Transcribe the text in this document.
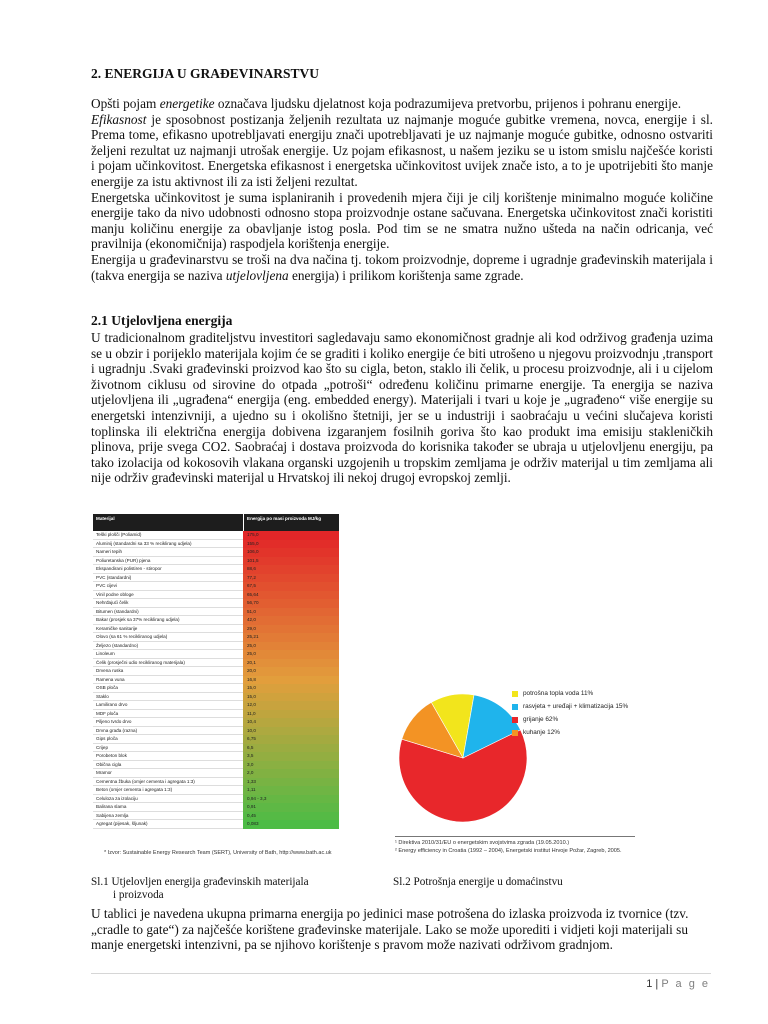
2. ENERGIJA U GRAĐEVINARSTVU

Opšti pojam energetike označava ljudsku djelatnost koja podrazumijeva pretvorbu, prijenos i pohranu energije.
Efikasnost je sposobnost postizanja željenih rezultata uz najmanje moguće gubitke vremena, novca, energije i sl. Prema tome, efikasno upotrebljavati energiju znači upotrebljavati je uz najmanje moguće gubitke, odnosno ostvariti željeni rezultat uz najmanji utrošak energije. Uz pojam efikasnost, u našem jeziku se u istom smislu najčešće koristi i pojam učinkovitost. Energetska efikasnost i energetska učinkovitost uvijek znače isto, a to je upotrijebiti što manje energije za istu aktivnost ili za isti željeni rezultat.
Energetska učinkovitost je suma isplaniranih i provedenih mjera čiji je cilj korištenje minimalno moguće količine energije tako da nivo udobnosti odnosno stopa proizvodnje ostane sačuvana. Energetska učinkovitost znači koristiti manju količinu energije za obavljanje istog posla. Pod tim se ne smatra nužno ušteda na način odricanja, već pravilnija (ekonomičnija) raspodjela korištenja energije.
Energija u građevinarstvu se troši na dva načina tj. tokom proizvodnje, dopreme i ugradnje građevinskih materijala i (takva energija se naziva utjelovljena energija) i prilikom korištenja same zgrade.

2.1 Utjelovljena energija

U tradicionalnom graditeljstvu investitori sagledavaju samo ekonomičnost gradnje ali kod održivog građenja uzima se u obzir i porijeklo materijala kojim će se graditi i koliko energije će biti utrošeno u njegovu proizvodnju ,transport i ugradnju .Svaki građevinski proizvod kao što su cigla, beton, staklo ili čelik, u procesu proizvodnje, ali i u cijelom životnom ciklusu od sirovine do otpada „potroši“ određenu količinu primarne energije. Ta energija se naziva utjelovljena ili „ugrađena“ energija (eng. embedded energy). Materijali i tvari u koje je „ugrađeno“ više energije su energetski intenzivniji, a ujedno su i okolišno štetniji, jer se u industriji i saobraćaju u većini slučajeva koristi toplinska ili električna energija dobivena izgaranjem fosilnih goriva što kao produkt ima emisiju stakleničkih plinova, prije svega CO2. Saobraćaj i dostava proizvoda do korisnika također se ubraja u utjelovljenu energiju, pa tako izolacija od kokosovih vlakana organski uzgojenih u tropskim zemljama je održiv materijal u tim zemljama ali nije održiv građevinski materijal u Hrvatskoj ili nekoj drugoj evropskoj zemlji.

Materijal	Energija po masi proizvoda MJ/kg
Teški plošči (Poliamid)	175,0
Aluminij (standardni sa 33 % reciklirang udjela)	155,0
Nameri tepih	106,0
Poliuretanska (PUR) pjena	101,5
Ekspandirani polistiren - stiropor	88,6
PVC (standardni)	77,2
PVC cijevi	67,5
Vinil podne obloge	65,64
Nehrđajući čelik	56,70
Bitumen (standardni)	51,0
Bakar (prosjek sa 37% reciklirang udjela)	42,0
Keramičke sanitarije	29,0
Olovo (sa 61 % recikliranog udjela)	25,21
Željezo (standardno)	25,0
Linoleum	25,0
Čelik (prosječni udio recikliranog materijala)	20,1
Drvena ruska	20,0
Ramena vuna	16,8
OSB ploča	15,0
Staklo	15,0
Lamilirano drvo	12,0
MDF ploča	11,0
Piljeno tvrdo drvo	10,4
Drvna građa (razna)	10,0
Gips ploča	6,75
Crijep	6,5
Porobeton blok	3,5
Obična cigla	3,0
Mramor	2,0
Cementna žbuka (omjer cementa i agregata 1:3)	1,33
Beton (omjer cementa i agregata 1:3)	1,11
Celuloza za izolaciju	0,94 - 3,3
Balirana slama	0,91
Sabijena zemlja	0,45
Agregat (pijesak, šljunak)	0,083
* Izvor: Sustainable Energy Research Team (SERT), University of Bath, http://www.bath.ac.uk
potrošna topla voda 11%
rasvjeta + uređaji + klimatizacija 15%
grijanje 62%
kuhanje 12%
¹ Direktiva 2010/31/EU o energetskim svojstvima zgrada (19.05.2010.)
² Energy efficiency in Croatia (1992 – 2004), Energetski institut Hrvoje Požar, Zagreb, 2005.
Sl.1 Utjelovljen energija građevinskih materijala
i proizvoda
Sl.2 Potrošnja energije u domaćinstvu

U tablici je navedena ukupna primarna energija po jedinici mase potrošena do izlaska proizvoda iz tvornice (tzv. „cradle to gate“) za najčešće korištene građevinske materijale. Lako se može uporediti i vidjeti koji materijali su manje energetski intenzivni, pa se njihovo korištenje s pravom može nazivati održivom gradnjom.

1 | P a g e
